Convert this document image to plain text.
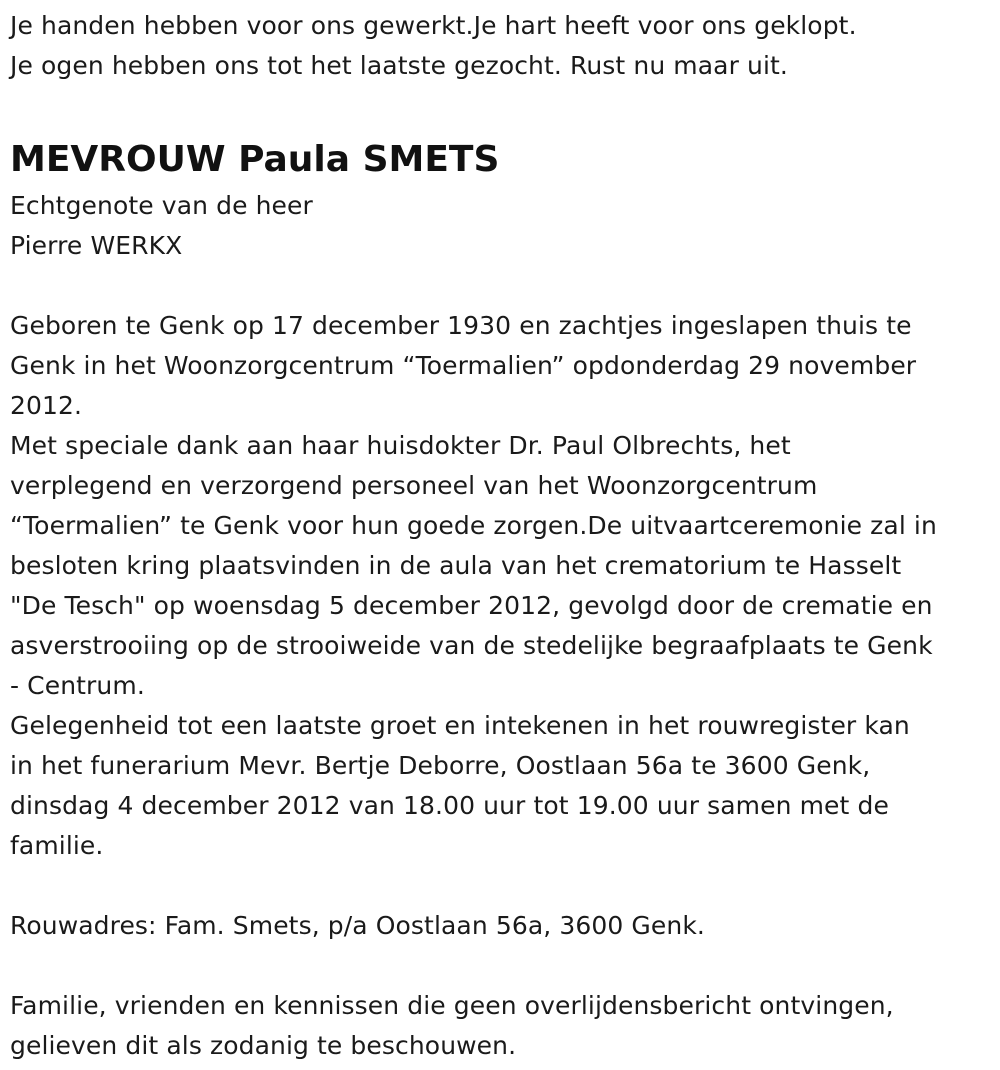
Je handen hebben voor ons gewerkt.Je hart heeft voor ons geklopt.
Je ogen hebben ons tot het laatste gezocht. Rust nu maar uit.
MEVROUW Paula SMETS
Echtgenote van de heer
Pierre WERKX
Geboren te Genk op 17 december 1930 en zachtjes ingeslapen thuis te
Genk in het Woonzorgcentrum “Toermalien” opdonderdag 29 november
2012.
Met speciale dank aan haar huisdokter Dr. Paul Olbrechts, het
verplegend en verzorgend personeel van het Woonzorgcentrum
“Toermalien” te Genk voor hun goede zorgen.De uitvaartceremonie zal in
besloten kring plaatsvinden in de aula van het crematorium te Hasselt
"De Tesch" op woensdag 5 december 2012, gevolgd door de crematie en
asverstrooiing op de strooiweide van de stedelijke begraafplaats te Genk
- Centrum.
Gelegenheid tot een laatste groet en intekenen in het rouwregister kan
in het funerarium Mevr. Bertje Deborre, Oostlaan 56a te 3600 Genk,
dinsdag 4 december 2012 van 18.00 uur tot 19.00 uur samen met de
familie.
Rouwadres: Fam. Smets, p/a Oostlaan 56a, 3600 Genk.
Familie, vrienden en kennissen die geen overlijdensbericht ontvingen,
gelieven dit als zodanig te beschouwen.
